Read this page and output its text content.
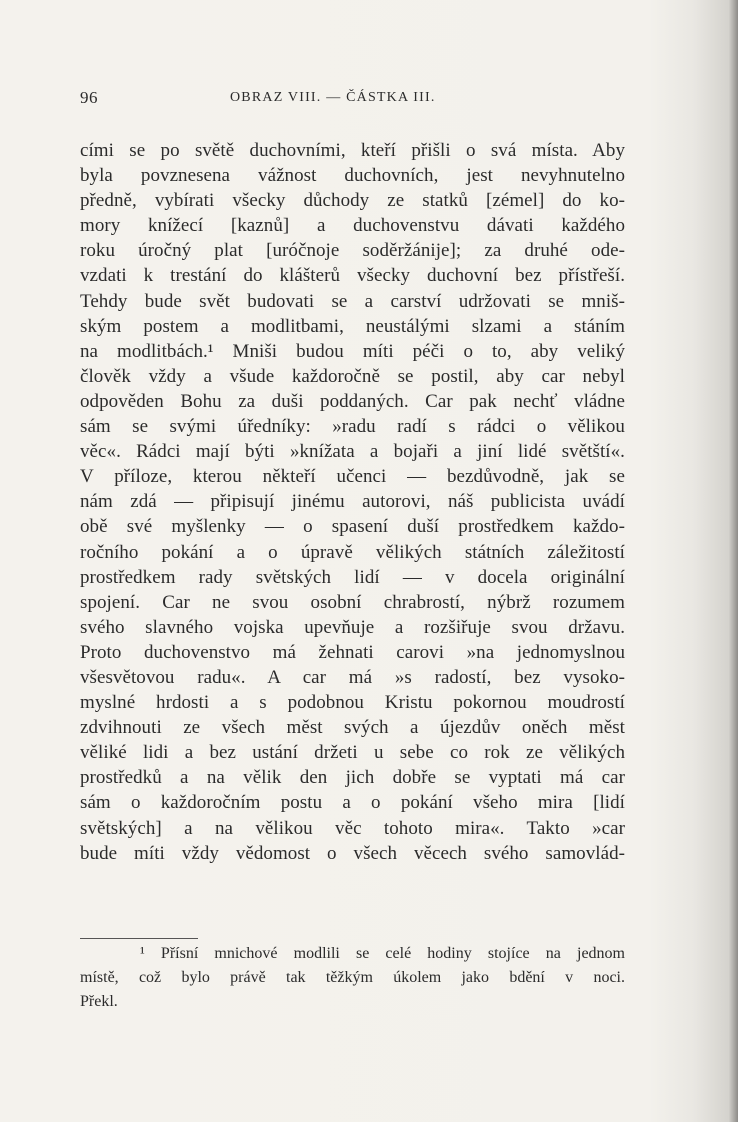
96	OBRAZ VIII. — ČÁSTKA III.
cími se po světě duchovními, kteří přišli o svá místa. Aby
byla povznesena vážnost duchovních, jest nevyhnutelno
předně, vybírati všecky důchody ze statků [zémel] do ko-
mory knížecí [kaznů] a duchovenstvu dávati každého
roku úročný plat [uróčnoje soděržánije]; za druhé ode-
vzdati k trestání do klášterů všecky duchovní bez přístřeší.
Tehdy bude svět budovati se a carství udržovati se mniš-
ským postem a modlitbami, neustálými slzami a stáním
na modlitbách.¹ Mniši budou míti péči o to, aby veliký
člověk vždy a všude každoročně se postil, aby car nebyl
odpověden Bohu za duši poddaných. Car pak nechť vládne
sám se svými úředníky: »radu radí s rádci o vělikou
věc«. Rádci mají býti »knížata a bojaři a jiní lidé světští«.
V příloze, kterou někteří učenci — bezdůvodně, jak se
nám zdá — připisují jinému autorovi, náš publicista uvádí
obě své myšlenky — o spasení duší prostředkem každo-
ročního pokání a o úpravě vělikých státních záležitostí
prostředkem rady světských lidí — v docela originální
spojení. Car ne svou osobní chrabrostí, nýbrž rozumem
svého slavného vojska upevňuje a rozšiřuje svou državu.
Proto duchovenstvo má žehnati carovi »na jednomyslnou
všesvětovou radu«. A car má »s radostí, bez vysoko-
myslné hrdosti a s podobnou Kristu pokornou moudrostí
zdvihnouti ze všech měst svých a újezdův oněch měst
věliké lidi a bez ustání držeti u sebe co rok ze vělikých
prostředků a na vělik den jich dobře se vyptati má car
sám o každoročním postu a o pokání všeho mira [lidí
světských] a na vělikou věc tohoto mira«. Takto »car
bude míti vždy vědomost o všech věcech svého samovlád-
¹ Přísní mnichové modlili se celé hodiny stojíce na jednom
místě, což bylo právě tak těžkým úkolem jako bdění v noci.
Překl.
